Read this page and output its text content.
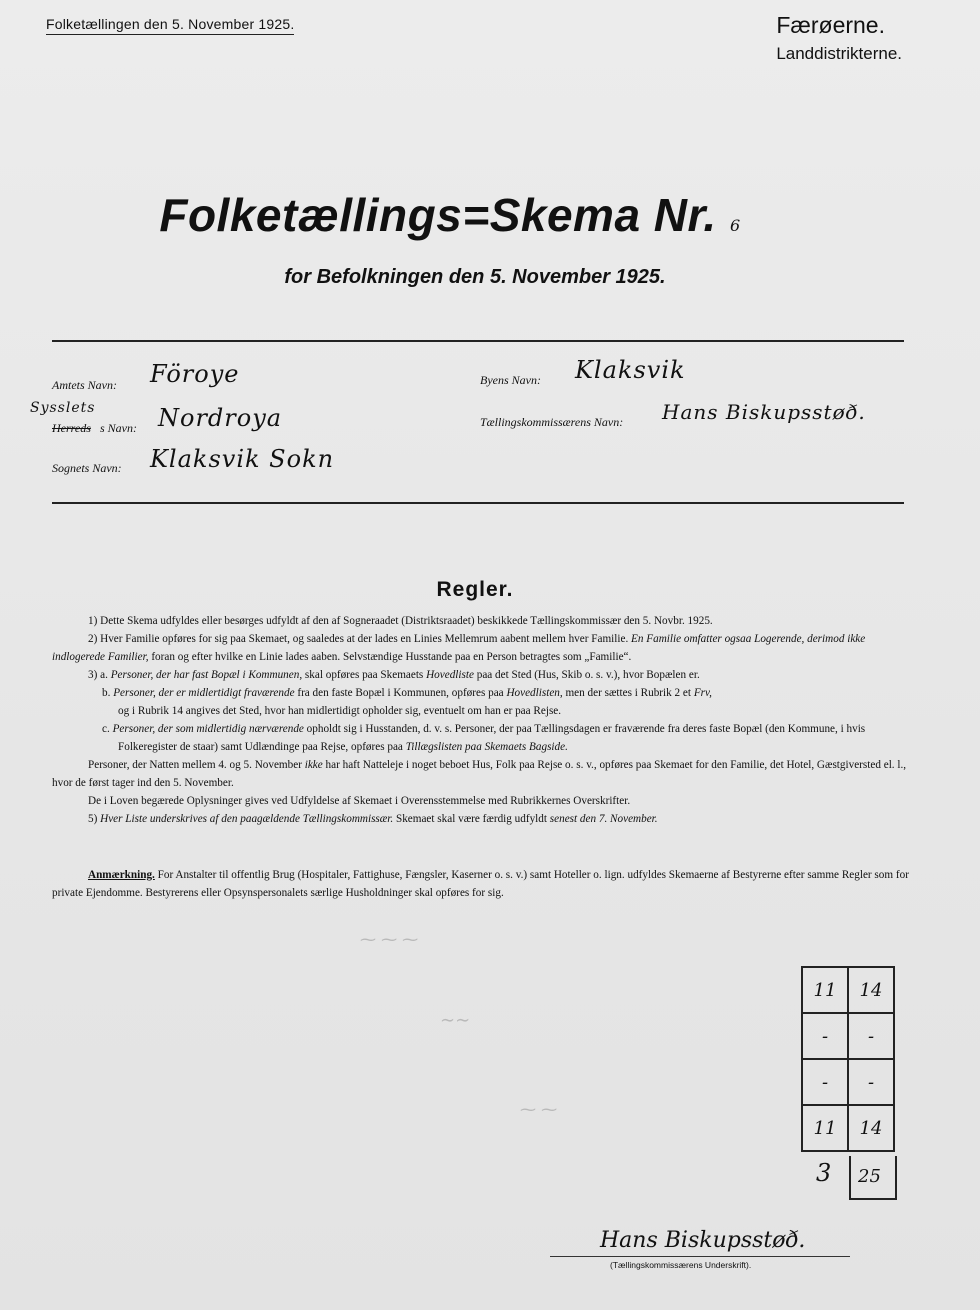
Folketællingen den 5. November 1925.	Færøerne.
Landdistrikterne.
Folketællings=Skema Nr. 6
for Befolkningen den 5. November 1925.
Amtets Navn: Föroye
Sysslets
Herreds s Navn: Nordroya
Sognets Navn: Klaksvik Sokn
Byens Navn: Klaksvik
Tællingskommissærens Navn: Hans Biskupsstøð.
Regler.

1) Dette Skema udfyldes eller besørges udfyldt af den af Sogneraadet (Distriktsraadet) beskikkede Tællingskommissær den 5. Novbr. 1925.

2) Hver Familie opføres for sig paa Skemaet, og saaledes at der lades en Linies Mellemrum aabent mellem hver Familie. En Familie omfatter ogsaa Logerende, derimod ikke indlogerede Familier, foran og efter hvilke en Linie lades aaben. Selvstændige Husstande paa en Person betragtes som „Familie“.

3) a. Personer, der har fast Bopæl i Kommunen, skal opføres paa Skemaets Hovedliste paa det Sted (Hus, Skib o. s. v.), hvor Bopælen er.

b. Personer, der er midlertidigt fraværende fra den faste Bopæl i Kommunen, opføres paa Hovedlisten, men der sættes i Rubrik 2 et Frv,

og i Rubrik 14 angives det Sted, hvor han midlertidigt opholder sig, eventuelt om han er paa Rejse.

c. Personer, der som midlertidig nærværende opholdt sig i Husstanden, d. v. s. Personer, der paa Tællingsdagen er fraværende fra deres faste Bopæl (den Kommune, i hvis Folkeregister de staar) samt Udlændinge paa Rejse, opføres paa Tillægslisten paa Skemaets Bagside.

Personer, der Natten mellem 4. og 5. November ikke har haft Natteleje i noget beboet Hus, Folk paa Rejse o. s. v., opføres paa Skemaet for den Familie, det Hotel, Gæstgiversted el. l., hvor de først tager ind den 5. November.

De i Loven begærede Oplysninger gives ved Udfyldelse af Skemaet i Overensstemmelse med Rubrikkernes Overskrifter.

5) Hver Liste underskrives af den paagældende Tællingskommissær. Skemaet skal være færdig udfyldt senest den 7. November.

Anmærkning. For Anstalter til offentlig Brug (Hospitaler, Fattighuse, Fængsler, Kaserner o. s. v.) samt Hoteller o. lign. udfyldes Skemaerne af Bestyrerne efter samme Regler som for private Ejendomme. Bestyrerens eller Opsynspersonalets særlige Husholdninger skal opføres for sig.
⁓ ⁓ ⁓
∼∼
⁓ ⁓
11	14
-	-
-	-
11	14
3 25
Hans Biskupsstøð.
(Tællingskommissærens Underskrift).
